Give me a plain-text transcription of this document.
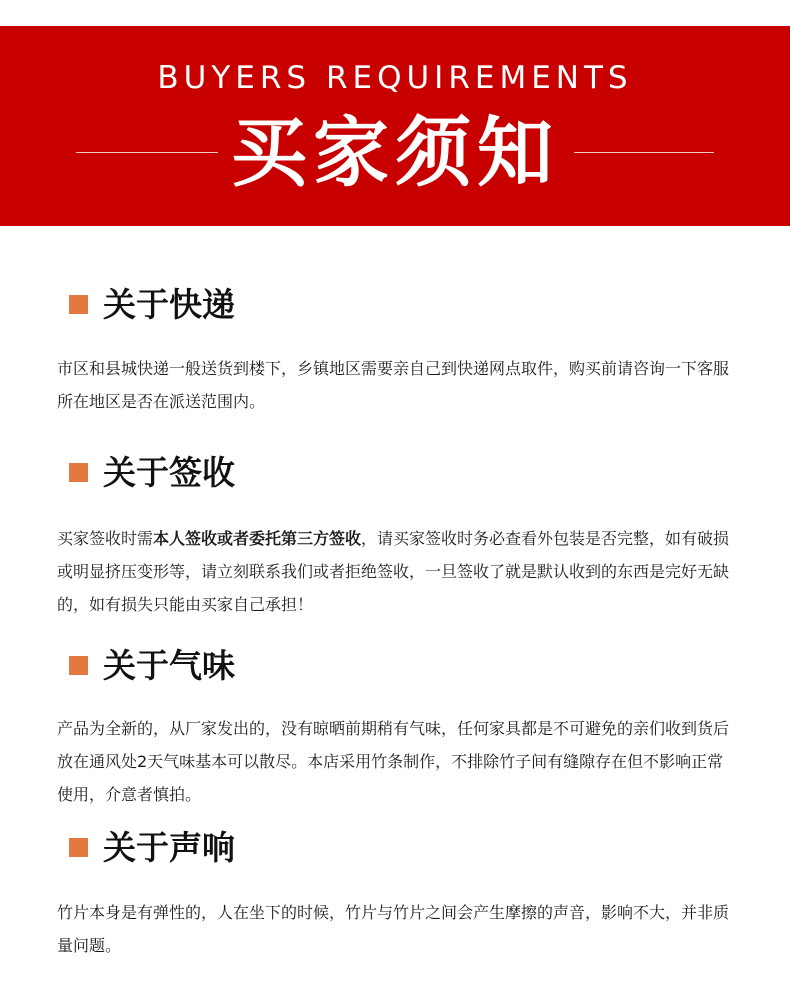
BUYERS REQUIREMENTS
买家须知
关于快递

市区和县城快递一般送货到楼下，乡镇地区需要亲自己到快递网点取件，购买前请咨询一下客服所在地区是否在派送范围内。

关于签收

买家签收时需本人签收或者委托第三方签收，请买家签收时务必查看外包装是否完整，如有破损或明显挤压变形等，请立刻联系我们或者拒绝签收，一旦签收了就是默认收到的东西是完好无缺的，如有损失只能由买家自己承担！

关于气味

产品为全新的，从厂家发出的，没有晾晒前期稍有气味，任何家具都是不可避免的亲们收到货后放在通风处2天气味基本可以散尽。本店采用竹条制作，不排除竹子间有缝隙存在但不影响正常使用，介意者慎拍。

关于声响

竹片本身是有弹性的，人在坐下的时候，竹片与竹片之间会产生摩擦的声音，影响不大，并非质量问题。
